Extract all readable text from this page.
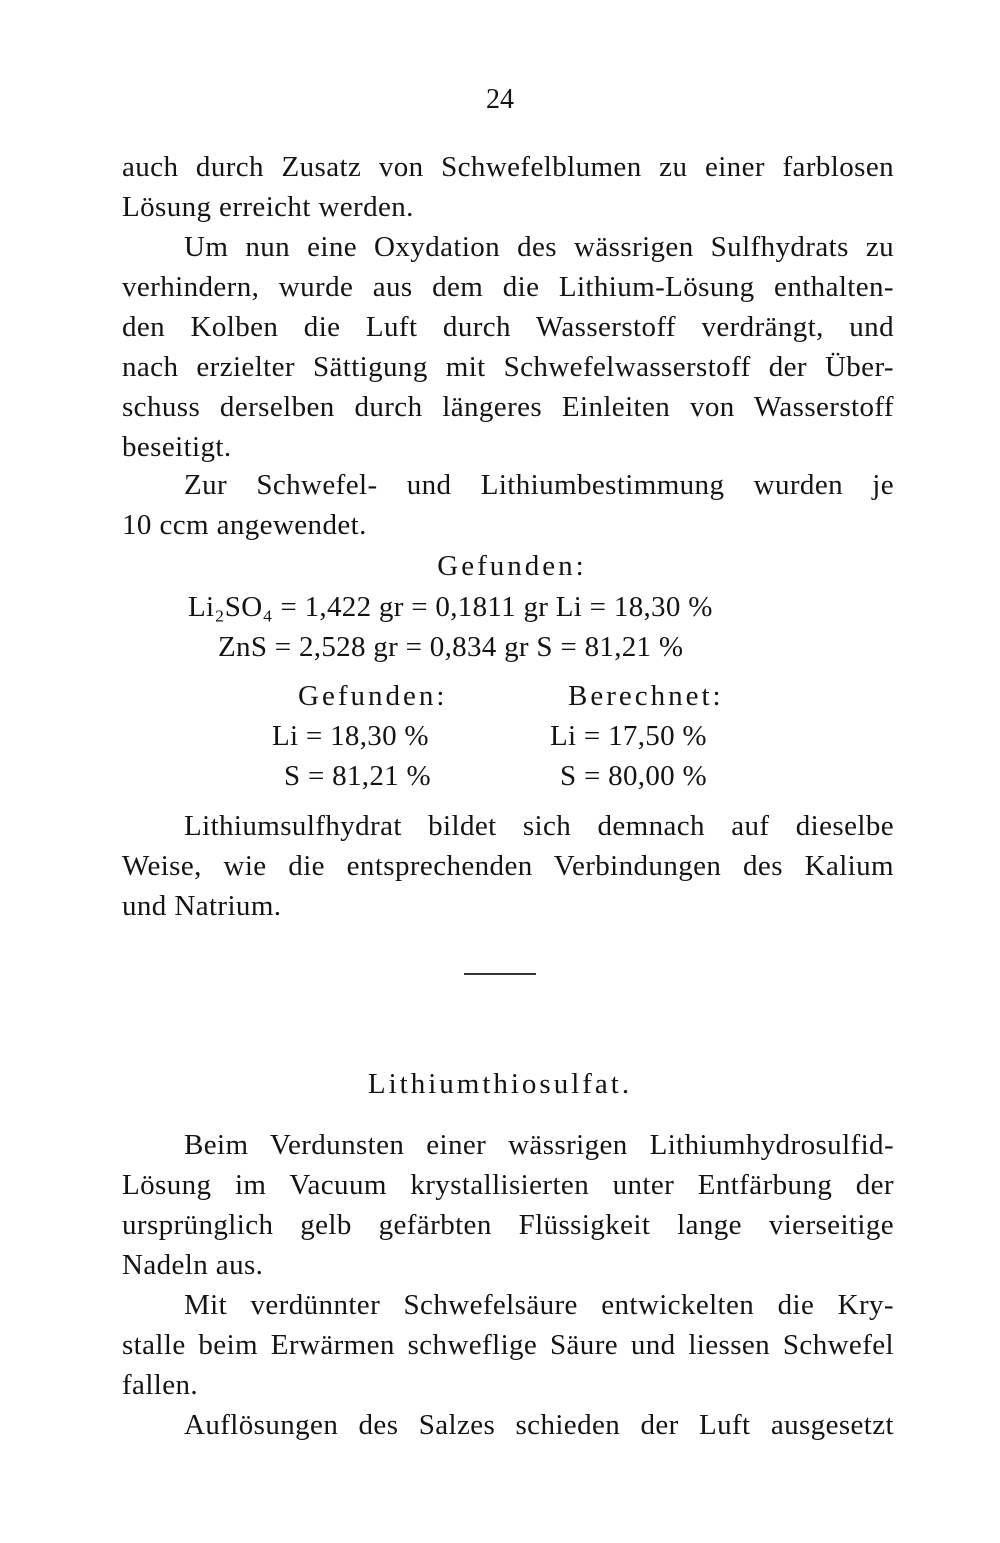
24
auch durch Zusatz von Schwefelblumen zu einer farblosen
Lösung erreicht werden.
Um nun eine Oxydation des wässrigen Sulfhydrats zu
verhindern, wurde aus dem die Lithium-Lösung enthalten-
den Kolben die Luft durch Wasserstoff verdrängt, und
nach erzielter Sättigung mit Schwefelwasserstoff der Über-
schuss derselben durch längeres Einleiten von Wasserstoff
beseitigt.
Zur Schwefel- und Lithiumbestimmung wurden je
10 ccm angewendet.
Gefunden:
Li₂SO₄ = 1,422 gr = 0,1811 gr Li = 18,30 %
ZnS = 2,528 gr = 0,834 gr S = 81,21 %
Gefunden:	Berechnet:
Li = 18,30 %
S = 81,21 %
Li = 17,50 %
S = 80,00 %
Lithiumsulfhydrat bildet sich demnach auf dieselbe
Weise, wie die entsprechenden Verbindungen des Kalium
und Natrium.
Lithiumthiosulfat.
Beim Verdunsten einer wässrigen Lithiumhydrosulfid-
Lösung im Vacuum krystallisierten unter Entfärbung der
ursprünglich gelb gefärbten Flüssigkeit lange vierseitige
Nadeln aus.
Mit verdünnter Schwefelsäure entwickelten die Kry-
stalle beim Erwärmen schweflige Säure und liessen Schwefel
fallen.
Auflösungen des Salzes schieden der Luft ausgesetzt
